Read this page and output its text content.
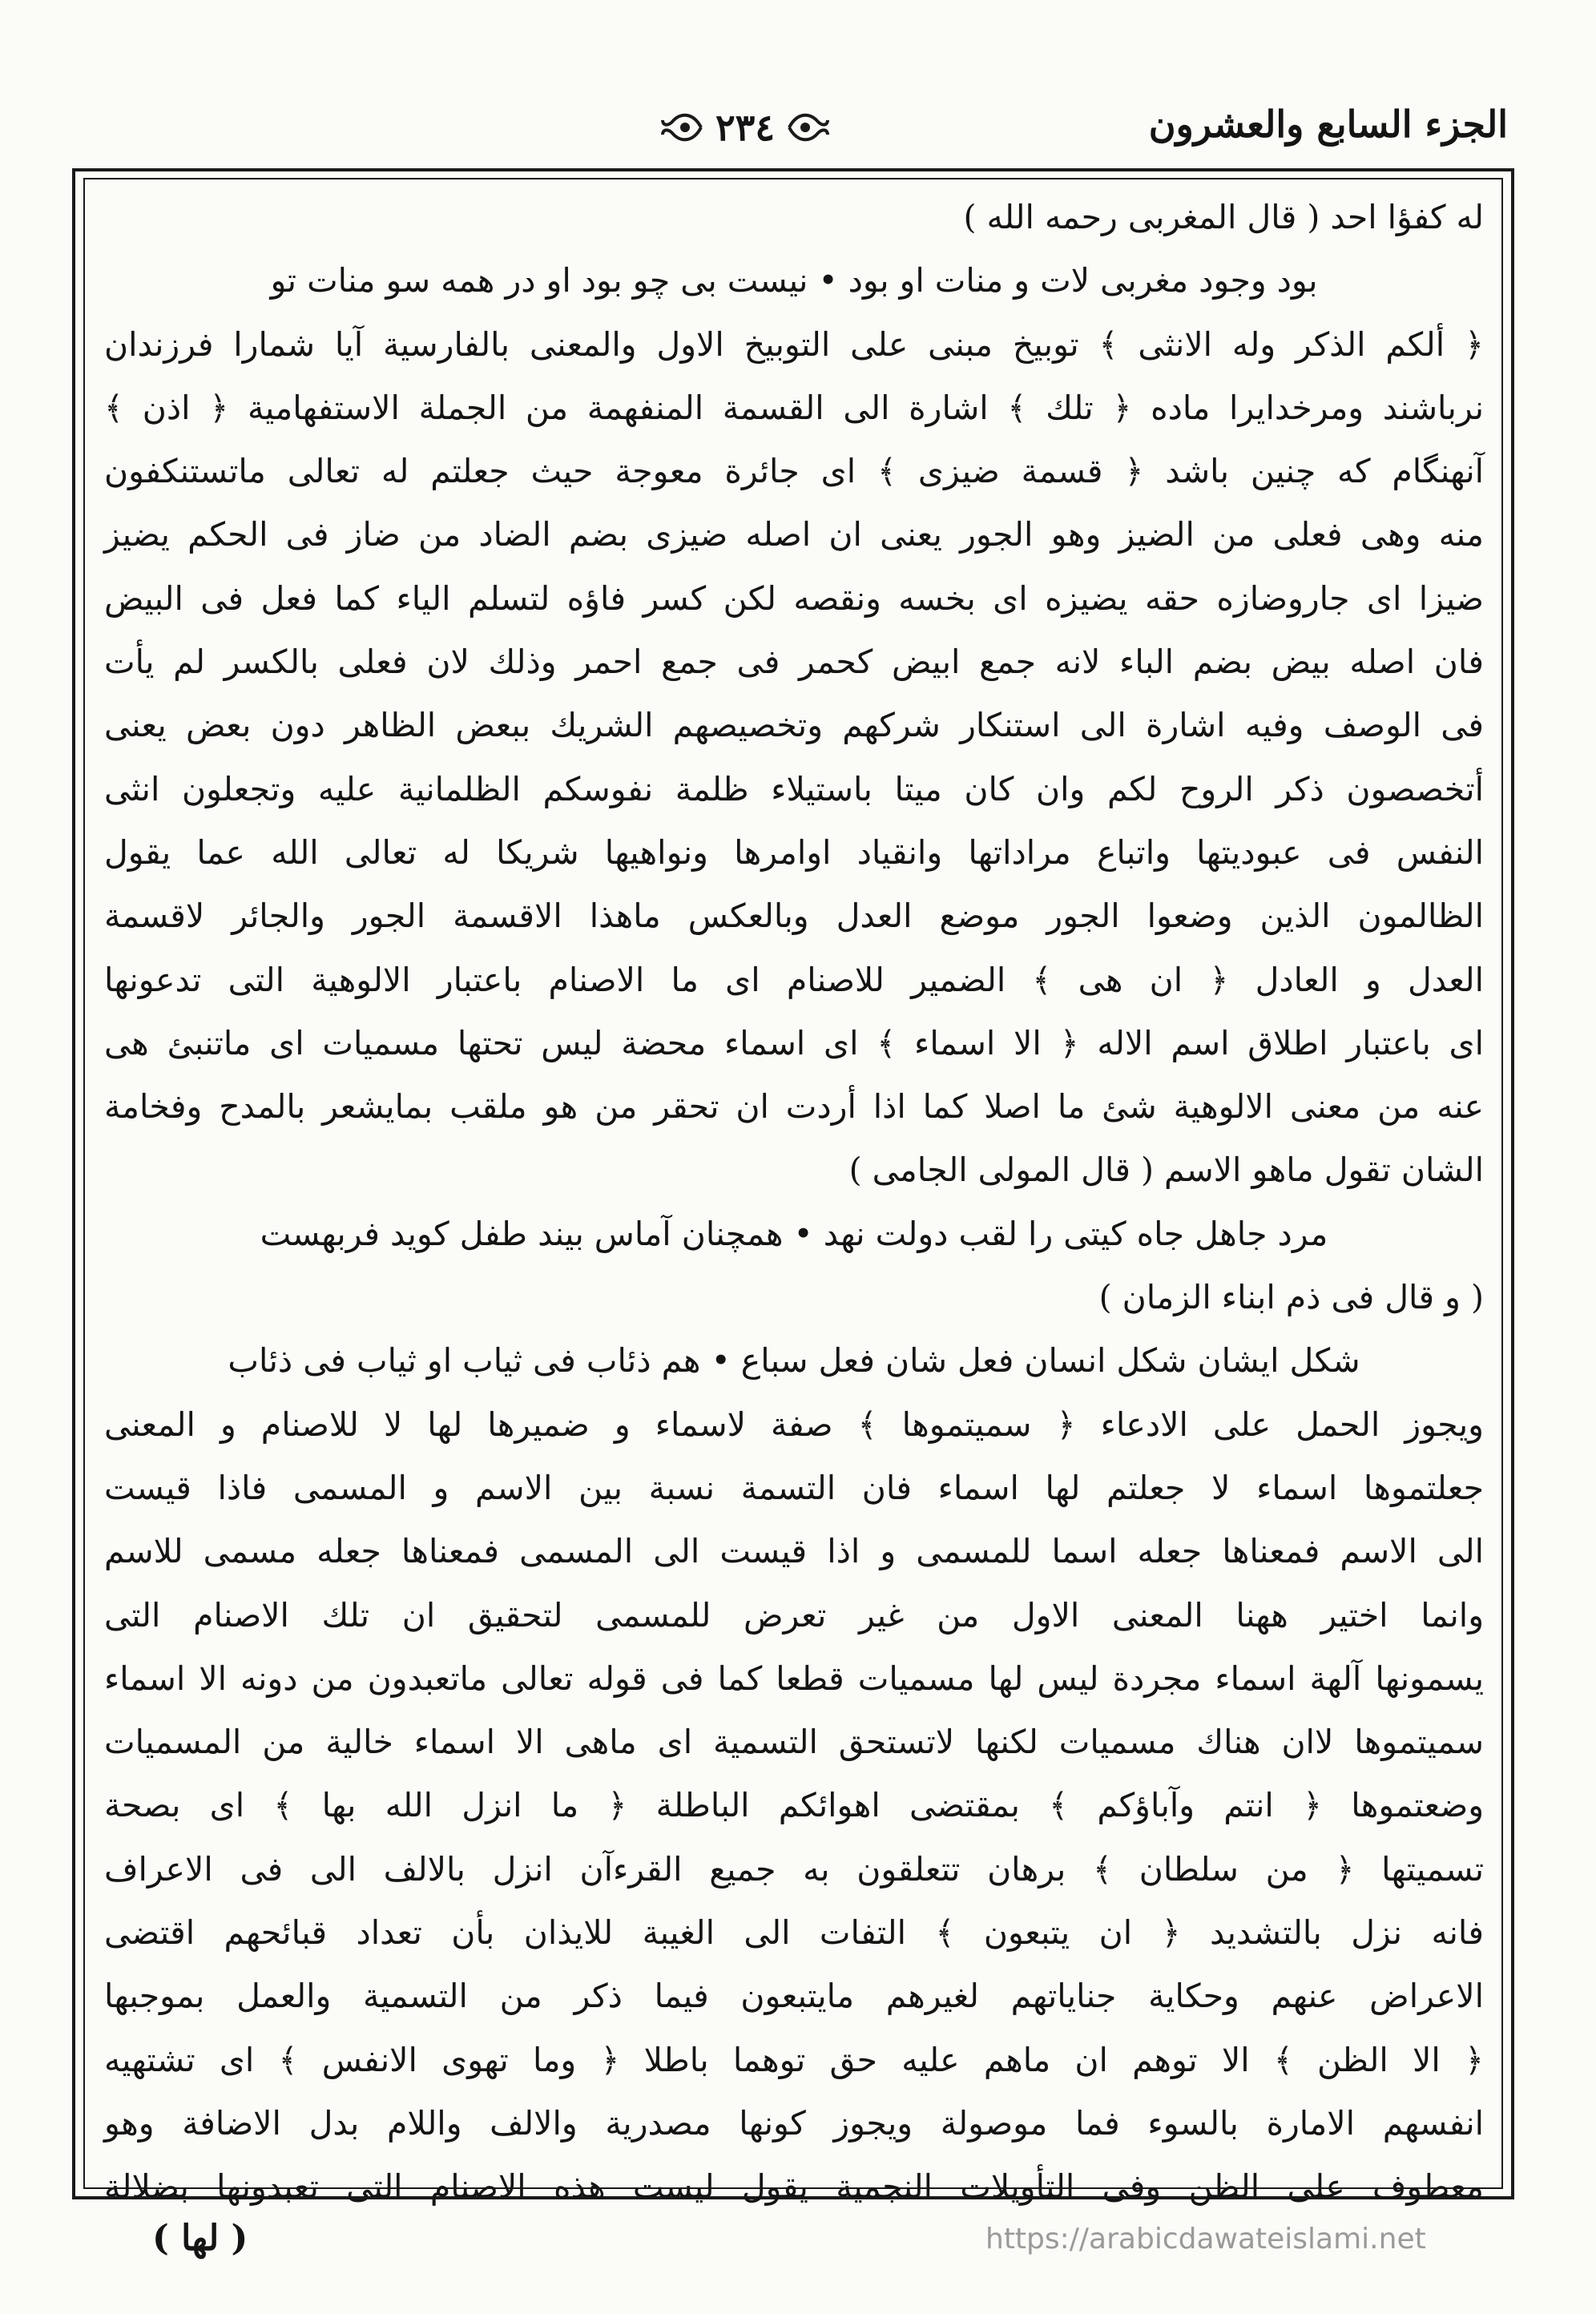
الجزء السابع والعشرون
٢٣٤
له كفؤا احد ( قال المغربى رحمه الله )
بود وجود مغربى لات و منات او بود • نيست بى چو بود او در همه سو منات تو
﴿ ألكم الذكر وله الانثى ﴾ توبيخ مبنى على التوبيخ الاول والمعنى بالفارسية آيا شمارا فرزندان
نرباشند ومرخدايرا ماده ﴿ تلك ﴾ اشارة الى القسمة المنفهمة من الجملة الاستفهامية ﴿ اذن ﴾
آنهنگام كه چنين باشد ﴿ قسمة ضيزى ﴾ اى جائرة معوجة حيث جعلتم له تعالى ماتستنكفون
منه وهى فعلى من الضيز وهو الجور يعنى ان اصله ضيزى بضم الضاد من ضاز فى الحكم يضيز
ضيزا اى جاروضازه حقه يضيزه اى بخسه ونقصه لكن كسر فاؤه لتسلم الياء كما فعل فى البيض
فان اصله بيض بضم الباء لانه جمع ابيض كحمر فى جمع احمر وذلك لان فعلى بالكسر لم يأت
فى الوصف وفيه اشارة الى استنكار شركهم وتخصيصهم الشريك ببعض الظاهر دون بعض يعنى
أتخصصون ذكر الروح لكم وان كان ميتا باستيلاء ظلمة نفوسكم الظلمانية عليه وتجعلون انثى
النفس فى عبوديتها واتباع مراداتها وانقياد اوامرها ونواهيها شريكا له تعالى الله عما يقول
الظالمون الذين وضعوا الجور موضع العدل وبالعكس ماهذا الاقسمة الجور والجائر لاقسمة
العدل و العادل ﴿ ان هى ﴾ الضمير للاصنام اى ما الاصنام باعتبار الالوهية التى تدعونها
اى باعتبار اطلاق اسم الاله ﴿ الا اسماء ﴾ اى اسماء محضة ليس تحتها مسميات اى ماتنبئ هى
عنه من معنى الالوهية شئ ما اصلا كما اذا أردت ان تحقر من هو ملقب بمايشعر بالمدح وفخامة
الشان تقول ماهو الاسم ( قال المولى الجامى )
مرد جاهل جاه كيتى را لقب دولت نهد • همچنان آماس بيند طفل كويد فربهست
( و قال فى ذم ابناء الزمان )
شكل ايشان شكل انسان فعل شان فعل سباع • هم ذئاب فى ثياب او ثياب فى ذئاب
ويجوز الحمل على الادعاء ﴿ سميتموها ﴾ صفة لاسماء و ضميرها لها لا للاصنام و المعنى
جعلتموها اسماء لا جعلتم لها اسماء فان التسمة نسبة بين الاسم و المسمى فاذا قيست
الى الاسم فمعناها جعله اسما للمسمى و اذا قيست الى المسمى فمعناها جعله مسمى للاسم
وانما اختير ههنا المعنى الاول من غير تعرض للمسمى لتحقيق ان تلك الاصنام التى
يسمونها آلهة اسماء مجردة ليس لها مسميات قطعا كما فى قوله تعالى ماتعبدون من دونه الا اسماء
سميتموها لاان هناك مسميات لكنها لاتستحق التسمية اى ماهى الا اسماء خالية من المسميات
وضعتموها ﴿ انتم وآباؤكم ﴾ بمقتضى اهوائكم الباطلة ﴿ ما انزل الله بها ﴾ اى بصحة
تسميتها ﴿ من سلطان ﴾ برهان تتعلقون به جميع القرءآن انزل بالالف الى فى الاعراف
فانه نزل بالتشديد ﴿ ان يتبعون ﴾ التفات الى الغيبة للايذان بأن تعداد قبائحهم اقتضى
الاعراض عنهم وحكاية جناياتهم لغيرهم مايتبعون فيما ذكر من التسمية والعمل بموجبها
﴿ الا الظن ﴾ الا توهم ان ماهم عليه حق توهما باطلا ﴿ وما تهوى الانفس ﴾ اى تشتهيه
انفسهم الامارة بالسوء فما موصولة ويجوز كونها مصدرية والالف واللام بدل الاضافة وهو
معطوف على الظن وفى التأويلات النجمية يقول ليست هذه الاصنام التى تعبدونها بضلالة
( لها )	https://arabicdawateislami.net
